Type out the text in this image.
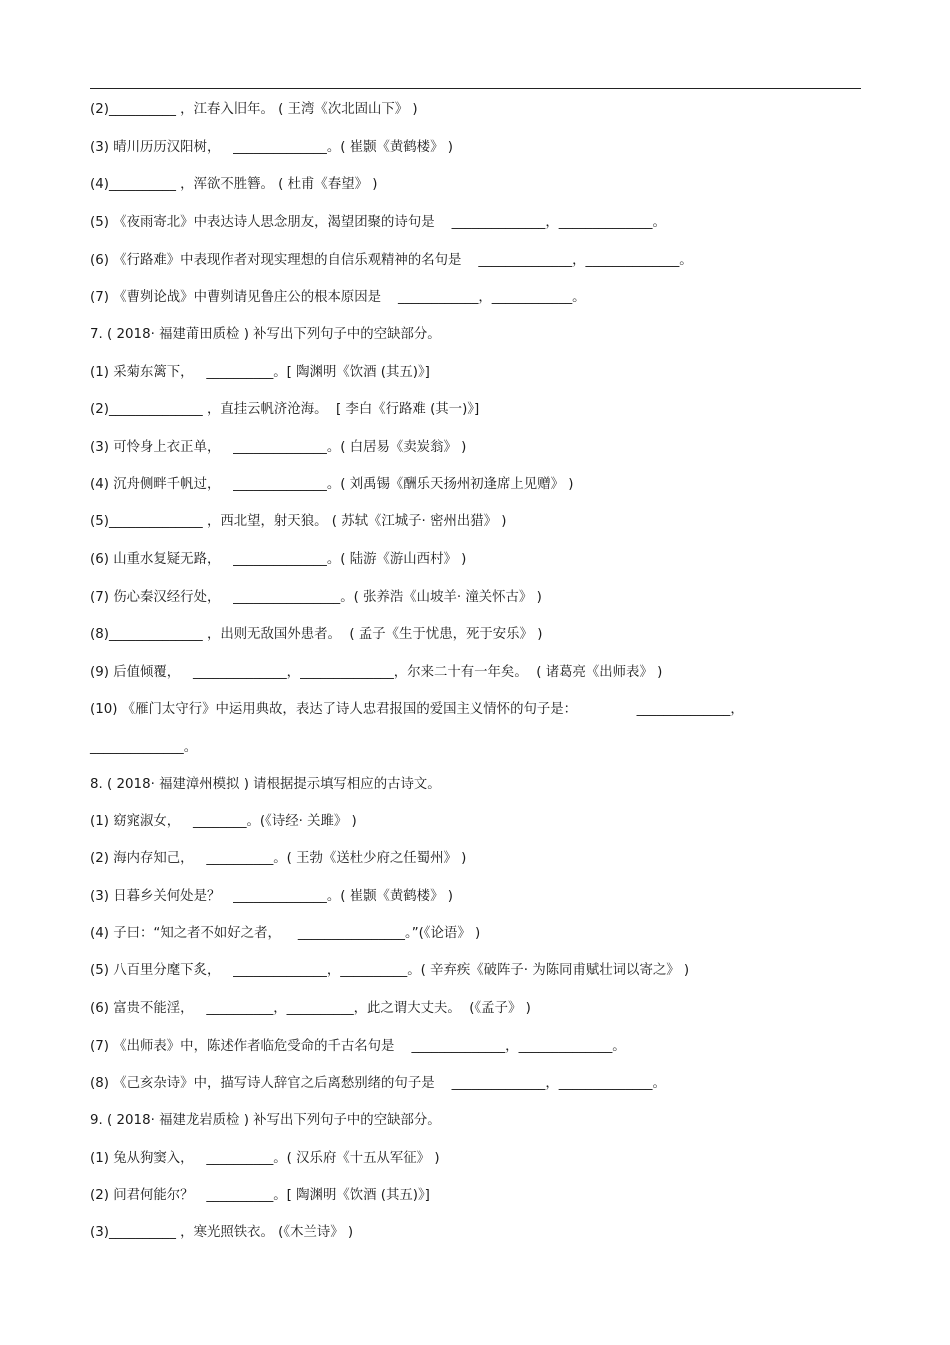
(2)__________ ，江春入旧年。 ( 王湾《次北固山下》 )
(3) 晴川历历汉阳树，   ______________。( 崔颢《黄鹤楼》 )
(4)__________ ，浑欲不胜簪。 ( 杜甫《春望》 )
(5) 《夜雨寄北》中表达诗人思念朋友，渴望团聚的诗句是    ______________，______________。
(6) 《行路难》中表现作者对现实理想的自信乐观精神的名句是    ______________，______________。
(7) 《曹刿论战》中曹刿请见鲁庄公的根本原因是    ____________，____________。
7. ( 2018· 福建莆田质检 ) 补写出下列句子中的空缺部分。
(1) 采菊东篱下，   __________。[ 陶渊明《饮酒 (其五)》]
(2)______________ ，直挂云帆济沧海。  [ 李白《行路难 (其一)》]
(3) 可怜身上衣正单，   ______________。( 白居易《卖炭翁》 )
(4) 沉舟侧畔千帆过，   ______________。( 刘禹锡《酬乐天扬州初逢席上见赠》 )
(5)______________ ，西北望，射天狼。 ( 苏轼《江城子· 密州出猎》 )
(6) 山重水复疑无路，   ______________。( 陆游《游山西村》 )
(7) 伤心秦汉经行处，   ________________。( 张养浩《山坡羊· 潼关怀古》 )
(8)______________ ，出则无敌国外患者。  ( 孟子《生于忧患，死于安乐》 )
(9) 后值倾覆，   ______________，______________，尔来二十有一年矣。  ( 诸葛亮《出师表》 )
(10) 《雁门太守行》中运用典故，表达了诗人忠君报国的爱国主义情怀的句子是：              ______________，
______________。
8. ( 2018· 福建漳州模拟 ) 请根据提示填写相应的古诗文。
(1) 窈窕淑女，   ________。(《诗经· 关雎》 )
(2) 海内存知己，   __________。( 王勃《送杜少府之任蜀州》 )
(3) 日暮乡关何处是？   ______________。( 崔颢《黄鹤楼》 )
(4) 子曰：“知之者不如好之者，    ________________。”(《论语》 )
(5) 八百里分麾下炙，   ______________，__________。( 辛弃疾《破阵子· 为陈同甫赋壮词以寄之》 )
(6) 富贵不能淫，   __________，__________，此之谓大丈夫。  (《孟子》 )
(7) 《出师表》中，陈述作者临危受命的千古名句是    ______________，______________。
(8) 《己亥杂诗》中，描写诗人辞官之后离愁别绪的句子是    ______________，______________。
9. ( 2018· 福建龙岩质检 ) 补写出下列句子中的空缺部分。
(1) 兔从狗窦入，   __________。( 汉乐府《十五从军征》 )
(2) 问君何能尔？   __________。[ 陶渊明《饮酒 (其五)》]
(3)__________ ，寒光照铁衣。 (《木兰诗》 )
